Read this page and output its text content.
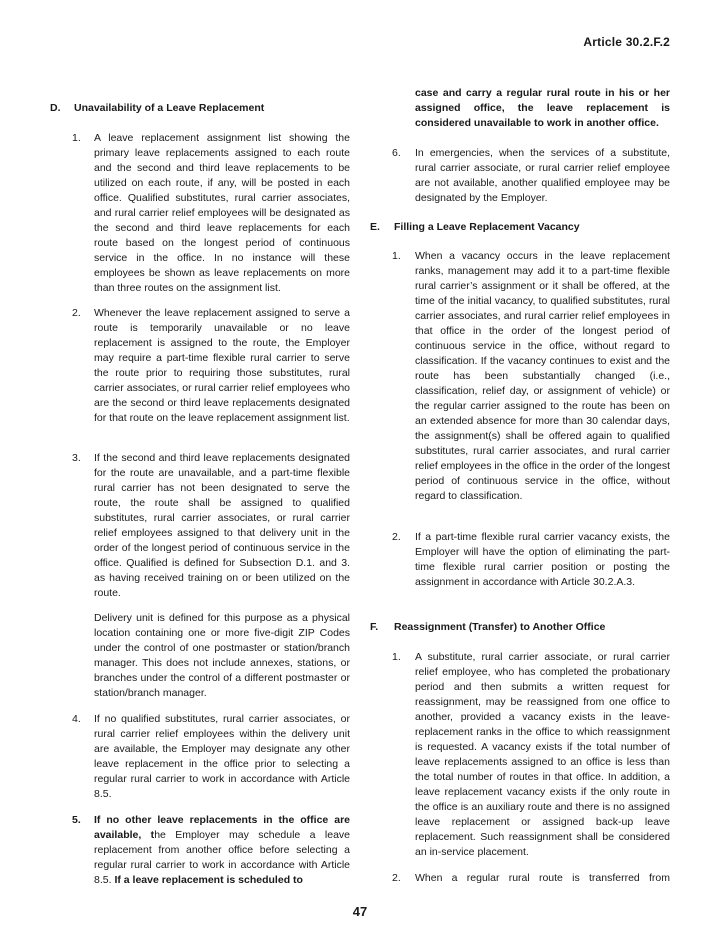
Article 30.2.F.2
D. Unavailability of a Leave Replacement
1. A leave replacement assignment list showing the primary leave replacements assigned to each route and the second and third leave replacements to be utilized on each route, if any, will be posted in each office. Qualified substitutes, rural carrier associates, and rural carrier relief employees will be designated as the second and third leave replacements for each route based on the longest period of continuous service in the office. In no instance will these employees be shown as leave replacements on more than three routes on the assignment list.
2. Whenever the leave replacement assigned to serve a route is temporarily unavailable or no leave replacement is assigned to the route, the Employer may require a part-time flexible rural carrier to serve the route prior to requiring those substitutes, rural carrier associates, or rural carrier relief employees who are the second or third leave replacements designated for that route on the leave replacement assignment list.
3. If the second and third leave replacements designated for the route are unavailable, and a part-time flexible rural carrier has not been designated to serve the route, the route shall be assigned to qualified substitutes, rural carrier associates, or rural carrier relief employees assigned to that delivery unit in the order of the longest period of continuous service in the office. Qualified is defined for Subsection D.1. and 3. as having received training on or been utilized on the route.
Delivery unit is defined for this purpose as a physical location containing one or more five-digit ZIP Codes under the control of one postmaster or station/branch manager. This does not include annexes, stations, or branches under the control of a different postmaster or station/branch manager.
4. If no qualified substitutes, rural carrier associates, or rural carrier relief employees within the delivery unit are available, the Employer may designate any other leave replacement in the office prior to selecting a regular rural carrier to work in accordance with Article 8.5.
5. If no other leave replacements in the office are available, the Employer may schedule a leave replacement from another office before selecting a regular rural carrier to work in accordance with Article 8.5. If a leave replacement is scheduled to
case and carry a regular rural route in his or her assigned office, the leave replacement is considered unavailable to work in another office.
6. In emergencies, when the services of a substitute, rural carrier associate, or rural carrier relief employee are not available, another qualified employee may be designated by the Employer.
E. Filling a Leave Replacement Vacancy
1. When a vacancy occurs in the leave replacement ranks, management may add it to a part-time flexible rural carrier’s assignment or it shall be offered, at the time of the initial vacancy, to qualified substitutes, rural carrier associates, and rural carrier relief employees in that office in the order of the longest period of continuous service in the office, without regard to classification. If the vacancy continues to exist and the route has been substantially changed (i.e., classification, relief day, or assignment of vehicle) or the regular carrier assigned to the route has been on an extended absence for more than 30 calendar days, the assignment(s) shall be offered again to qualified substitutes, rural carrier associates, and rural carrier relief employees in the office in the order of the longest period of continuous service in the office, without regard to classification.
2. If a part-time flexible rural carrier vacancy exists, the Employer will have the option of eliminating the part-time flexible rural carrier position or posting the assignment in accordance with Article 30.2.A.3.
F. Reassignment (Transfer) to Another Office
1. A substitute, rural carrier associate, or rural carrier relief employee, who has completed the probationary period and then submits a written request for reassignment, may be reassigned from one office to another, provided a vacancy exists in the leave-replacement ranks in the office to which reassignment is requested. A vacancy exists if the total number of leave replacements assigned to an office is less than the total number of routes in that office. In addition, a leave replacement vacancy exists if the only route in the office is an auxiliary route and there is no assigned leave replacement or assigned back-up leave replacement. Such reassignment shall be considered an in-service placement.
2. When a regular rural route is transferred from
47
